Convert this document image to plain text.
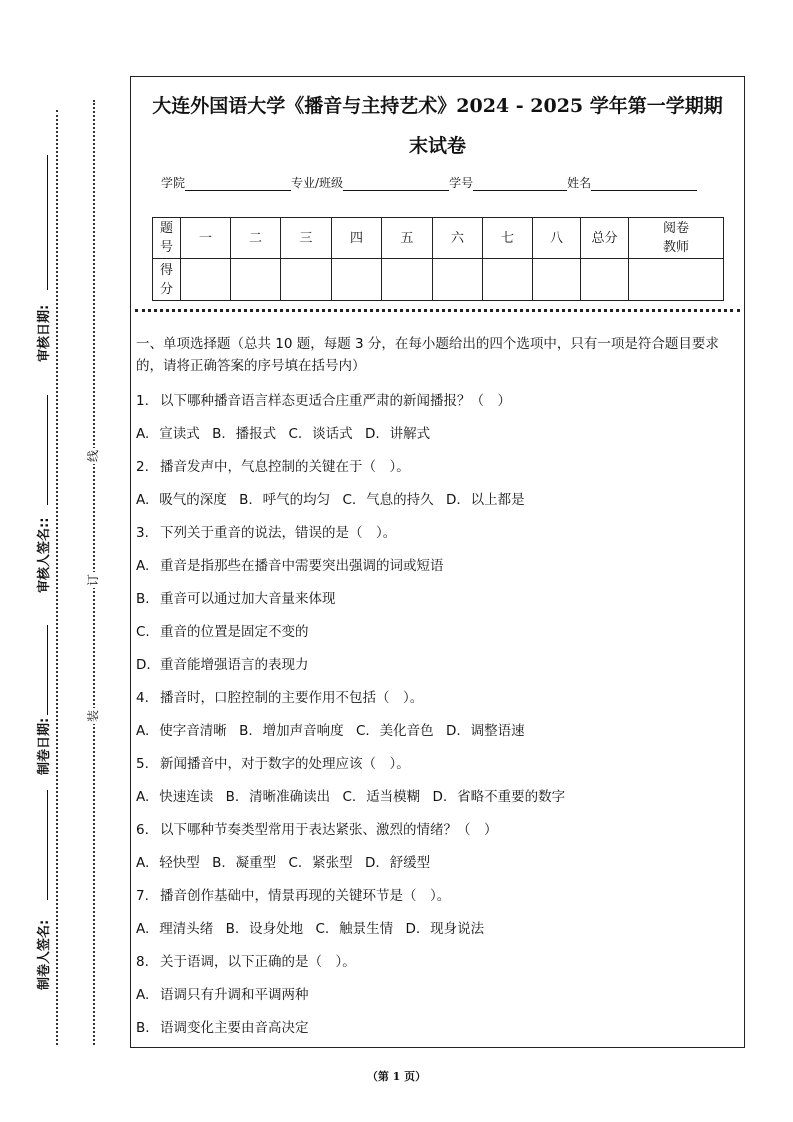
审核日期:
审核人签名::
制卷日期:
制卷人签名:
线
订
装
大连外国语大学《播音与主持艺术》2024 - 2025 学年第一学期期
末试卷
学院	专业/班级	学号	姓名
题号	一	二	三	四	五	六	七	八	总分	阅卷教师
得分										
一、单项选择题（总共 10 题，每题 3 分，在每小题给出的四个选项中，只有一项是符合题目要求的，请将正确答案的序号填在括号内）
1. 以下哪种播音语言样态更适合庄重严肃的新闻播报？（　）
A. 宣读式 B. 播报式 C. 谈话式 D. 讲解式
2. 播音发声中，气息控制的关键在于（　）。
A. 吸气的深度 B. 呼气的均匀 C. 气息的持久 D. 以上都是
3. 下列关于重音的说法，错误的是（　）。
A. 重音是指那些在播音中需要突出强调的词或短语
B. 重音可以通过加大音量来体现
C. 重音的位置是固定不变的
D. 重音能增强语言的表现力
4. 播音时，口腔控制的主要作用不包括（　）。
A. 使字音清晰 B. 增加声音响度 C. 美化音色 D. 调整语速
5. 新闻播音中，对于数字的处理应该（　）。
A. 快速连读 B. 清晰准确读出 C. 适当模糊 D. 省略不重要的数字
6. 以下哪种节奏类型常用于表达紧张、激烈的情绪？（　）
A. 轻快型 B. 凝重型 C. 紧张型 D. 舒缓型
7. 播音创作基础中，情景再现的关键环节是（　）。
A. 理清头绪 B. 设身处地 C. 触景生情 D. 现身说法
8. 关于语调，以下正确的是（　）。
A. 语调只有升调和平调两种
B. 语调变化主要由音高决定
（第 1 页）
